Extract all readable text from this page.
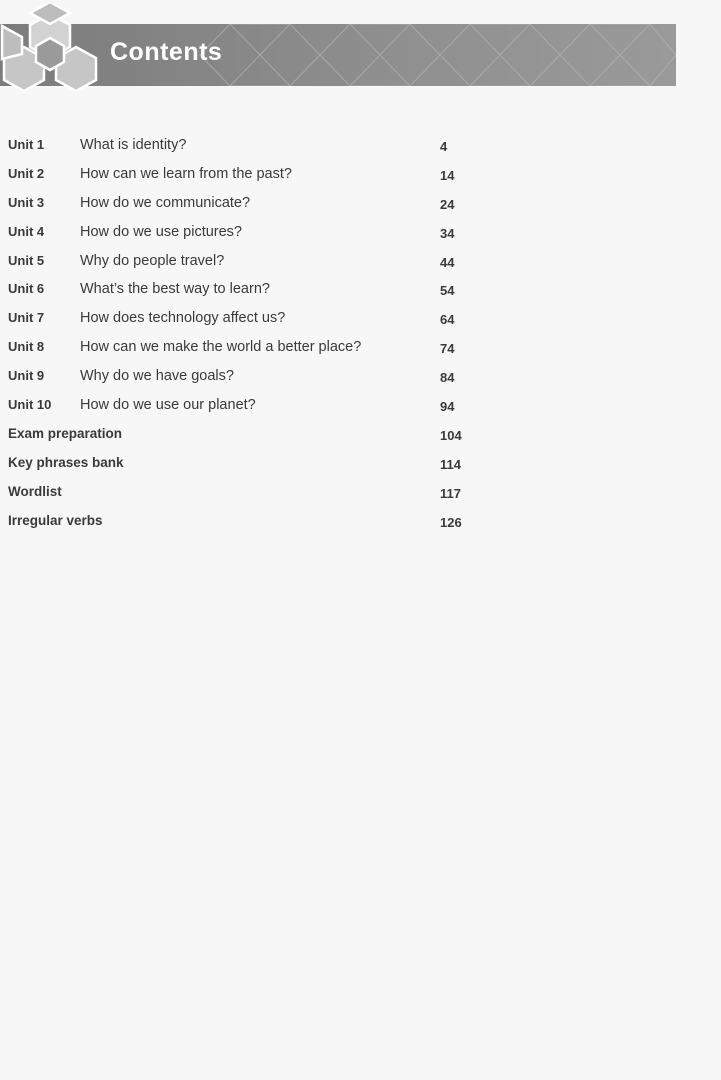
Contents
Unit 1 What is identity?	4
Unit 2 How can we learn from the past?	14
Unit 3 How do we communicate?	24
Unit 4 How do we use pictures?	34
Unit 5 Why do people travel?	44
Unit 6 What’s the best way to learn?	54
Unit 7 How does technology affect us?	64
Unit 8 How can we make the world a better place?	74
Unit 9 Why do we have goals?	84
Unit 10 How do we use our planet?	94
Exam preparation	104
Key phrases bank	114
Wordlist	117
Irregular verbs	126
